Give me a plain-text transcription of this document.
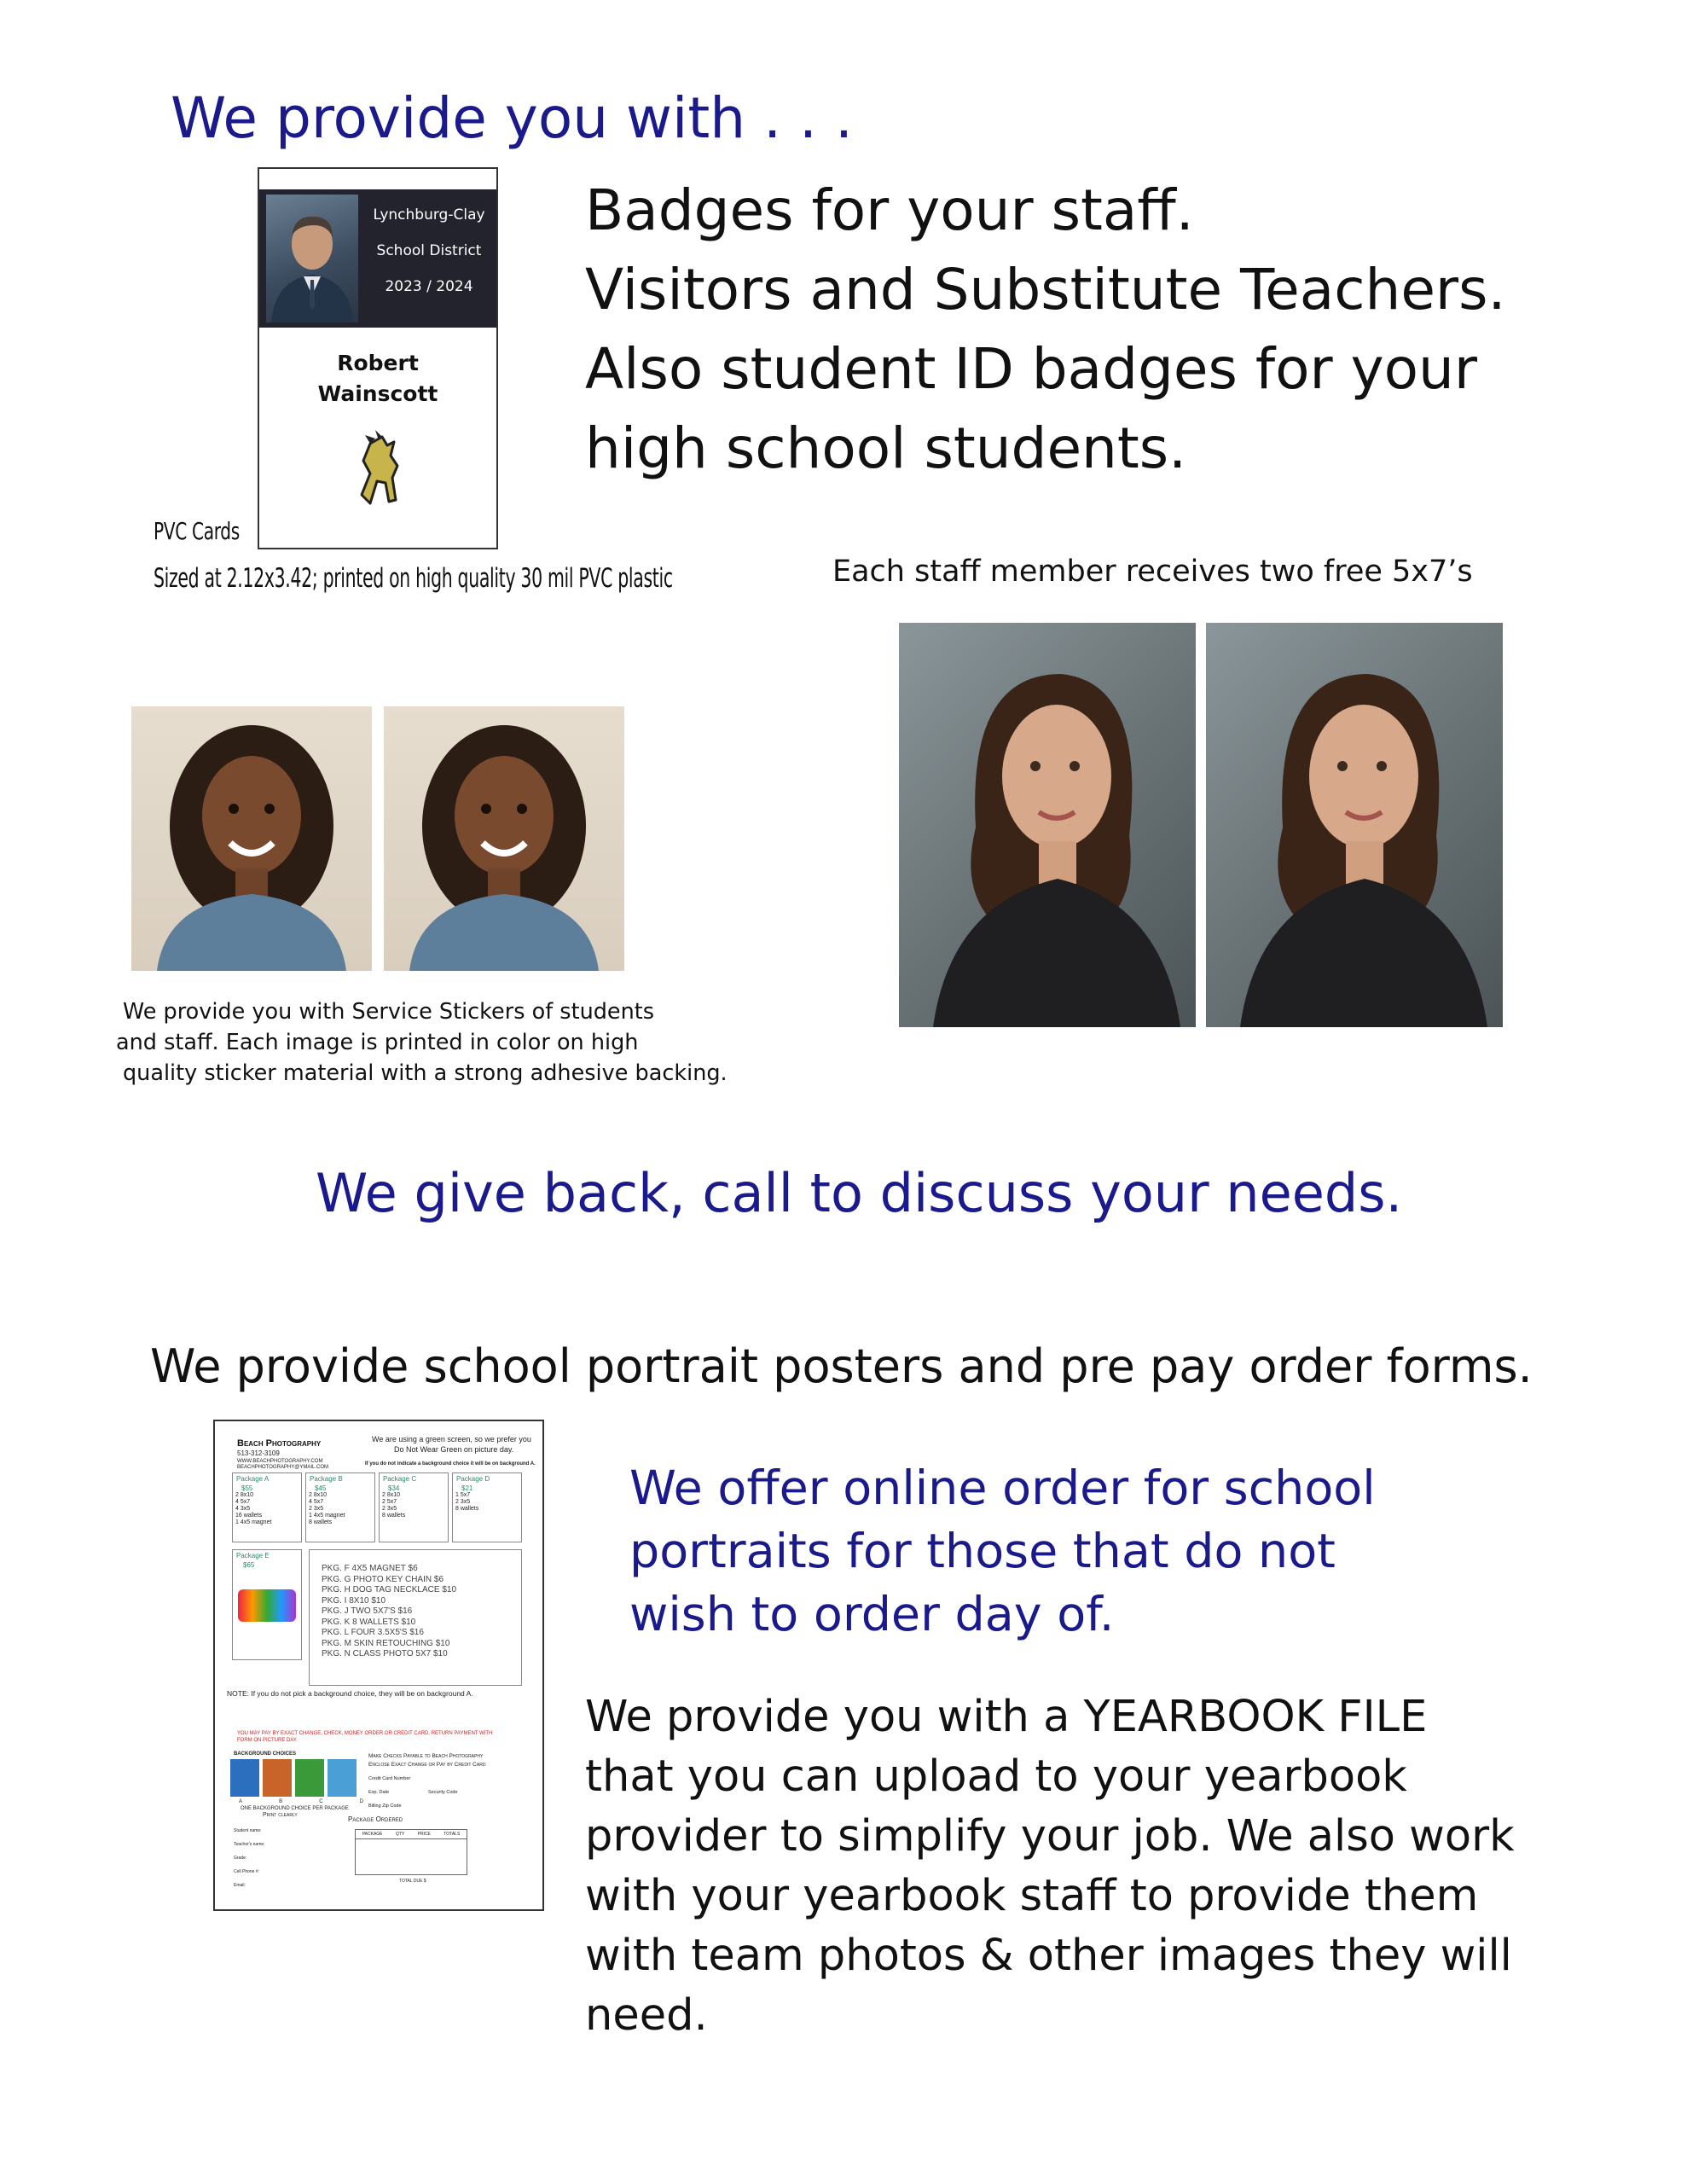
We provide you with . . .
Lynchburg-Clay
School District
2023 / 2024
Robert
Wainscott
Badges for your staff.
Visitors and Substitute Teachers.
Also student ID badges for your
high school students.
PVC Cards
Sized at 2.12x3.42; printed on high quality 30 mil PVC plastic	Each staff member receives two free 5x7’s
We provide you with Service Stickers of students
and staff. Each image is printed in color on high
quality sticker material with a strong adhesive backing.
We give back, call to discuss your needs.
We provide school portrait posters and pre pay order forms.
Beach Photography
513-312-3109
WWW.BEACHPHOTOGRAPHY.COM
BEACHPHOTOGRAPHY@YMAIL.COM
We are using a green screen, so we prefer you
Do Not Wear Green on picture day.
If you do not indicate a background choice it will be on background A.
Package A
$55
2 8x10
4 5x7
4 3x5
16 wallets
1 4x5 magnet
Package B
$45
2 8x10
4 5x7
2 3x5
1 4x5 magnet
8 wallets
Package C
$34
2 8x10
2 5x7
2 3x5
8 wallets
Package D
$21
1 5x7
2 3x5
8 wallets
Package E
$65	PKG. F 4X5 MAGNET $6
PKG. G PHOTO KEY CHAIN $6
PKG. H DOG TAG NECKLACE $10
PKG. I 8X10 $10
PKG. J TWO 5X7'S $16
PKG. K 8 WALLETS $10
PKG. L FOUR 3.5X5'S $16
PKG. M SKIN RETOUCHING $10
PKG. N CLASS PHOTO 5X7 $10
NOTE: If you do not pick a background choice, they will be on background A.
YOU MAY PAY BY EXACT CHANGE, CHECK, MONEY ORDER OR CREDIT CARD. RETURN PAYMENT WITH
FORM ON PICTURE DAY.
BACKGROUND CHOICES
A	B	C	D
ONE BACKGROUND CHOICE PER PACKAGE
Print clearly
Make Checks Payable to Beach Photography
Enclose Exact Change or Pay by Credit Card
Credit Card Number
Exp. Date	Security Code
Billing Zip Code
Package Ordered
Student name:
Teacher's name:
Grade:
Cell Phone #:
Email:
PACKAGE	QTY	PRICE	TOTALS
TOTAL DUE $
We offer online order for school
portraits for those that do not
wish to order day of.
We provide you with a YEARBOOK FILE
that you can upload to your yearbook
provider to simplify your job. We also work
with your yearbook staff to provide them
with team photos & other images they will
need.
